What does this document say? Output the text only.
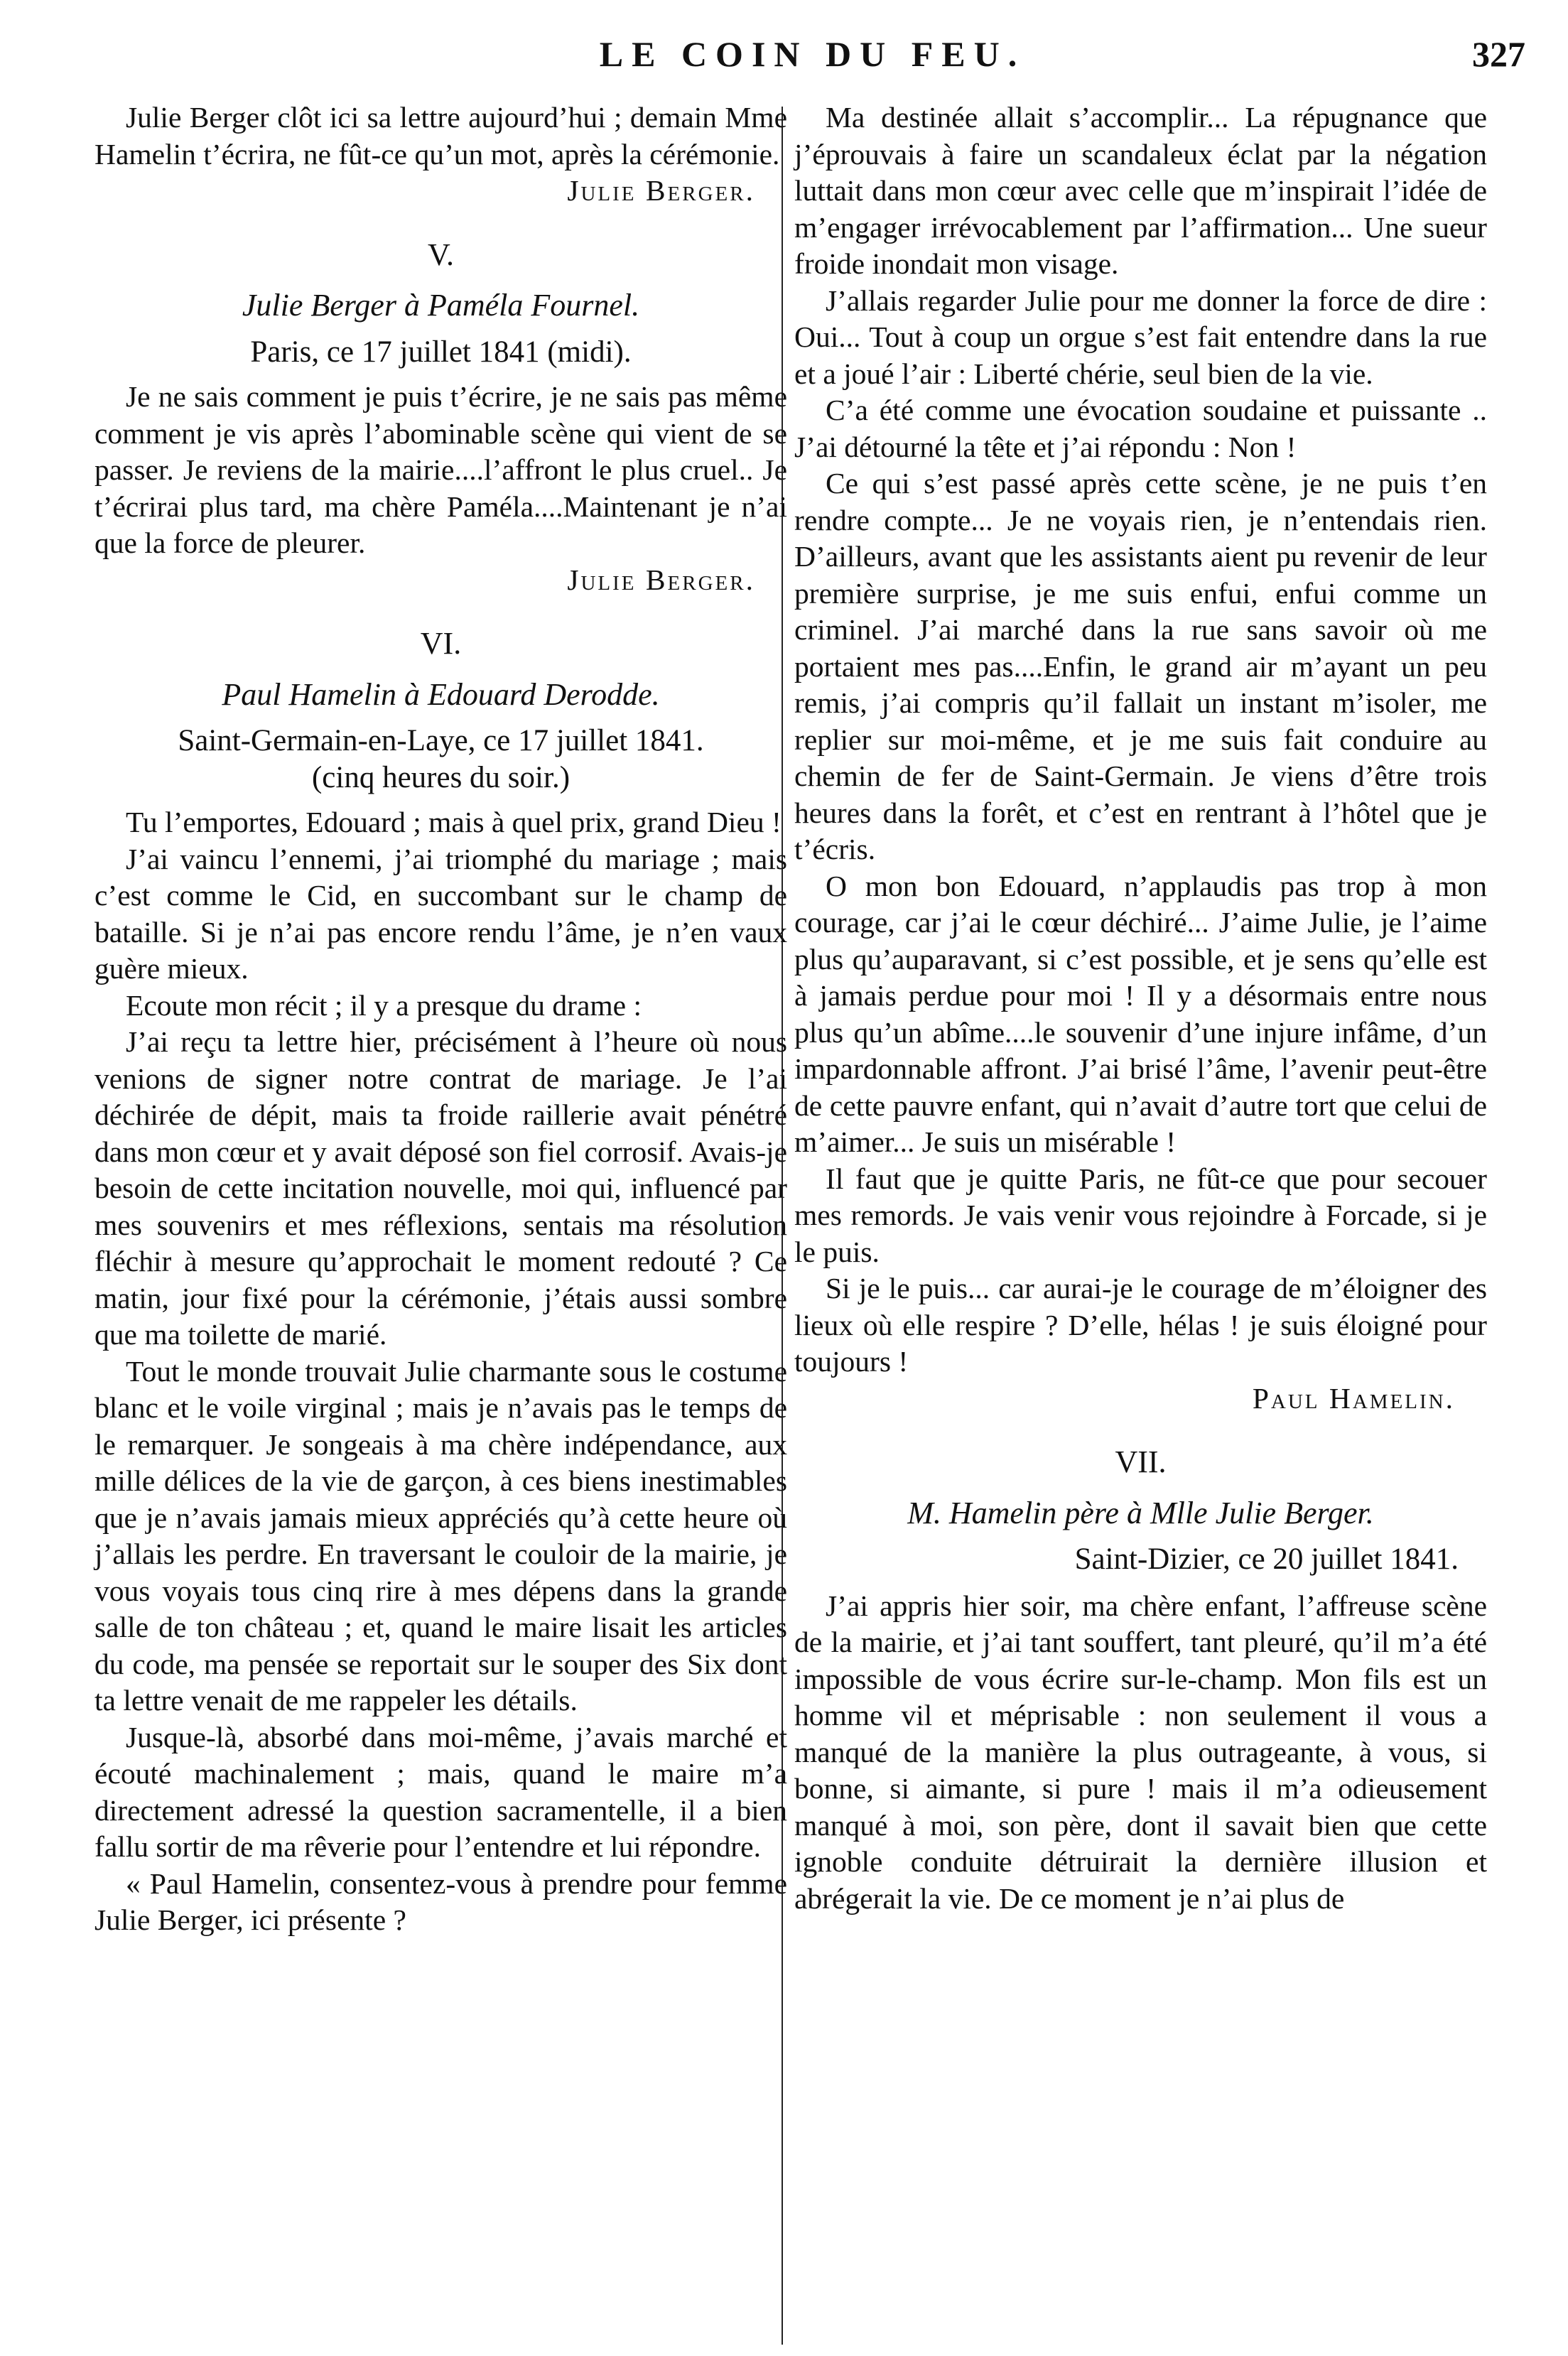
LE COIN DU FEU.	327

Julie Berger clôt ici sa lettre aujourd’hui ; demain Mme Hamelin t’écrira, ne fût-ce qu’un mot, après la cérémonie.

Julie Berger.

V.

Julie Berger à Paméla Fournel.

Paris, ce 17 juillet 1841 (midi).

Je ne sais comment je puis t’écrire, je ne sais pas même comment je vis après l’abominable scène qui vient de se passer. Je reviens de la mairie....l’affront le plus cruel.. Je t’écrirai plus tard, ma chère Paméla....Maintenant je n’ai que la force de pleurer.

Julie Berger.

VI.

Paul Hamelin à Edouard Derodde.

Saint-Germain-en-Laye, ce 17 juillet 1841.

(cinq heures du soir.)

Tu l’emportes, Edouard ; mais à quel prix, grand Dieu !

J’ai vaincu l’ennemi, j’ai triomphé du mariage ; mais c’est comme le Cid, en succombant sur le champ de bataille. Si je n’ai pas encore rendu l’âme, je n’en vaux guère mieux.

Ecoute mon récit ; il y a presque du drame :

J’ai reçu ta lettre hier, précisément à l’heure où nous venions de signer notre contrat de mariage. Je l’ai déchirée de dépit, mais ta froide raillerie avait pénétré dans mon cœur et y avait déposé son fiel corrosif. Avais-je besoin de cette incitation nouvelle, moi qui, influencé par mes souvenirs et mes réflexions, sentais ma résolution fléchir à mesure qu’approchait le moment redouté ? Ce matin, jour fixé pour la cérémonie, j’étais aussi sombre que ma toilette de marié.

Tout le monde trouvait Julie charmante sous le costume blanc et le voile virginal ; mais je n’avais pas le temps de le remarquer. Je songeais à ma chère indépendance, aux mille délices de la vie de garçon, à ces biens inestimables que je n’avais jamais mieux appréciés qu’à cette heure où j’allais les perdre. En traversant le couloir de la mairie, je vous voyais tous cinq rire à mes dépens dans la grande salle de ton château ; et, quand le maire lisait les articles du code, ma pensée se reportait sur le souper des Six dont ta lettre venait de me rappeler les détails.

Jusque-là, absorbé dans moi-même, j’avais marché et écouté machinalement ; mais, quand le maire m’a directement adressé la question sacramentelle, il a bien fallu sortir de ma rêverie pour l’entendre et lui répondre.

« Paul Hamelin, consentez-vous à prendre pour femme Julie Berger, ici présente ?

Ma destinée allait s’accomplir... La répugnance que j’éprouvais à faire un scandaleux éclat par la négation luttait dans mon cœur avec celle que m’inspirait l’idée de m’engager irrévocablement par l’affirmation... Une sueur froide inondait mon visage.

J’allais regarder Julie pour me donner la force de dire : Oui... Tout à coup un orgue s’est fait entendre dans la rue et a joué l’air : Liberté chérie, seul bien de la vie.

C’a été comme une évocation soudaine et puissante .. J’ai détourné la tête et j’ai répondu : Non !

Ce qui s’est passé après cette scène, je ne puis t’en rendre compte... Je ne voyais rien, je n’entendais rien. D’ailleurs, avant que les assistants aient pu revenir de leur première surprise, je me suis enfui, enfui comme un criminel. J’ai marché dans la rue sans savoir où me portaient mes pas....Enfin, le grand air m’ayant un peu remis, j’ai compris qu’il fallait un instant m’isoler, me replier sur moi-même, et je me suis fait conduire au chemin de fer de Saint-Germain. Je viens d’être trois heures dans la forêt, et c’est en rentrant à l’hôtel que je t’écris.

O mon bon Edouard, n’applaudis pas trop à mon courage, car j’ai le cœur déchiré... J’aime Julie, je l’aime plus qu’auparavant, si c’est possible, et je sens qu’elle est à jamais perdue pour moi ! Il y a désormais entre nous plus qu’un abîme....le souvenir d’une injure infâme, d’un impardonnable affront. J’ai brisé l’âme, l’avenir peut-être de cette pauvre enfant, qui n’avait d’autre tort que celui de m’aimer... Je suis un misérable !

Il faut que je quitte Paris, ne fût-ce que pour secouer mes remords. Je vais venir vous rejoindre à Forcade, si je le puis.

Si je le puis... car aurai-je le courage de m’éloigner des lieux où elle respire ? D’elle, hélas ! je suis éloigné pour toujours !

Paul Hamelin.

VII.

M. Hamelin père à Mlle Julie Berger.

Saint-Dizier, ce 20 juillet 1841.

J’ai appris hier soir, ma chère enfant, l’affreuse scène de la mairie, et j’ai tant souffert, tant pleuré, qu’il m’a été impossible de vous écrire sur-le-champ. Mon fils est un homme vil et méprisable : non seulement il vous a manqué de la manière la plus outrageante, à vous, si bonne, si aimante, si pure ! mais il m’a odieusement manqué à moi, son père, dont il savait bien que cette ignoble conduite détruirait la dernière illusion et abrégerait la vie. De ce moment je n’ai plus de
